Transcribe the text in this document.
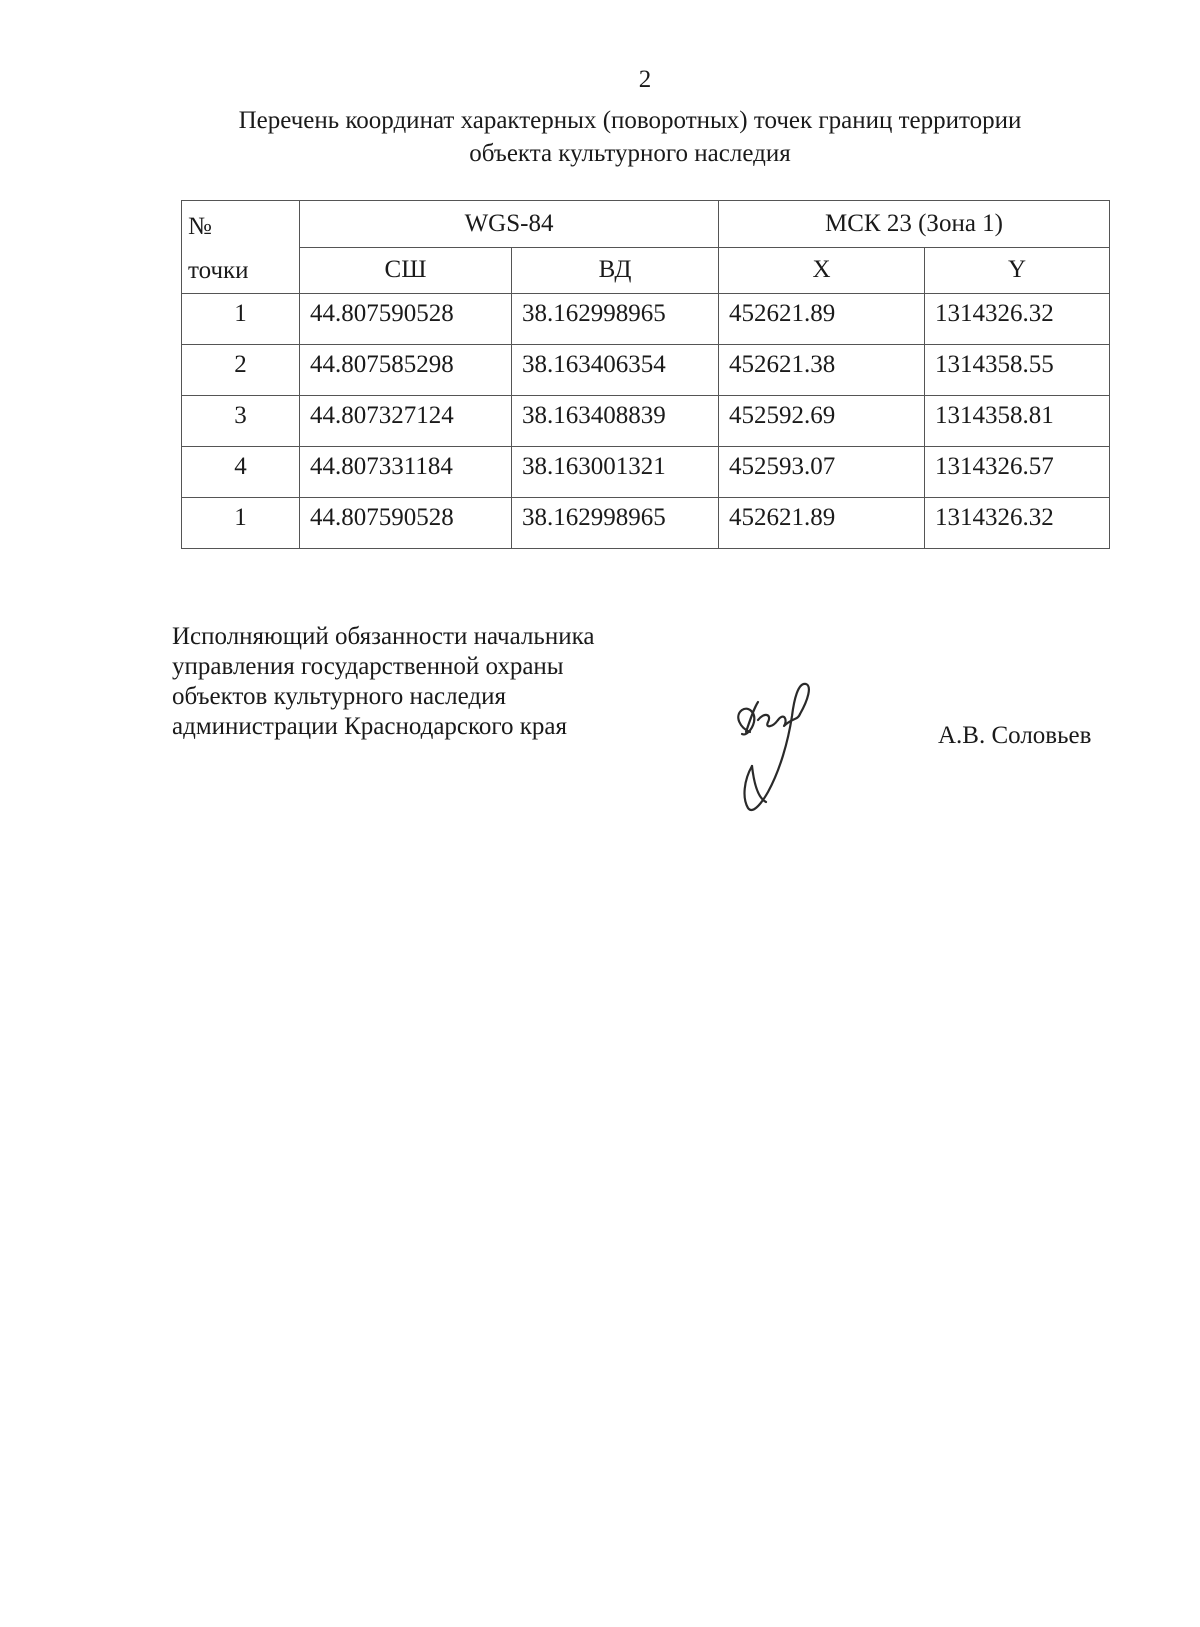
2
Перечень координат характерных (поворотных) точек границ территории
объекта культурного наследия
№
точки	WGS-84		МСК 23 (Зона 1)	
	СШ	ВД	X	Y
1	44.807590528	38.162998965	452621.89	1314326.32
2	44.807585298	38.163406354	452621.38	1314358.55
3	44.807327124	38.163408839	452592.69	1314358.81
4	44.807331184	38.163001321	452593.07	1314326.57
1	44.807590528	38.162998965	452621.89	1314326.32
Исполняющий обязанности начальника
управления государственной охраны
объектов культурного наследия
администрации Краснодарского края	А.В. Соловьев
